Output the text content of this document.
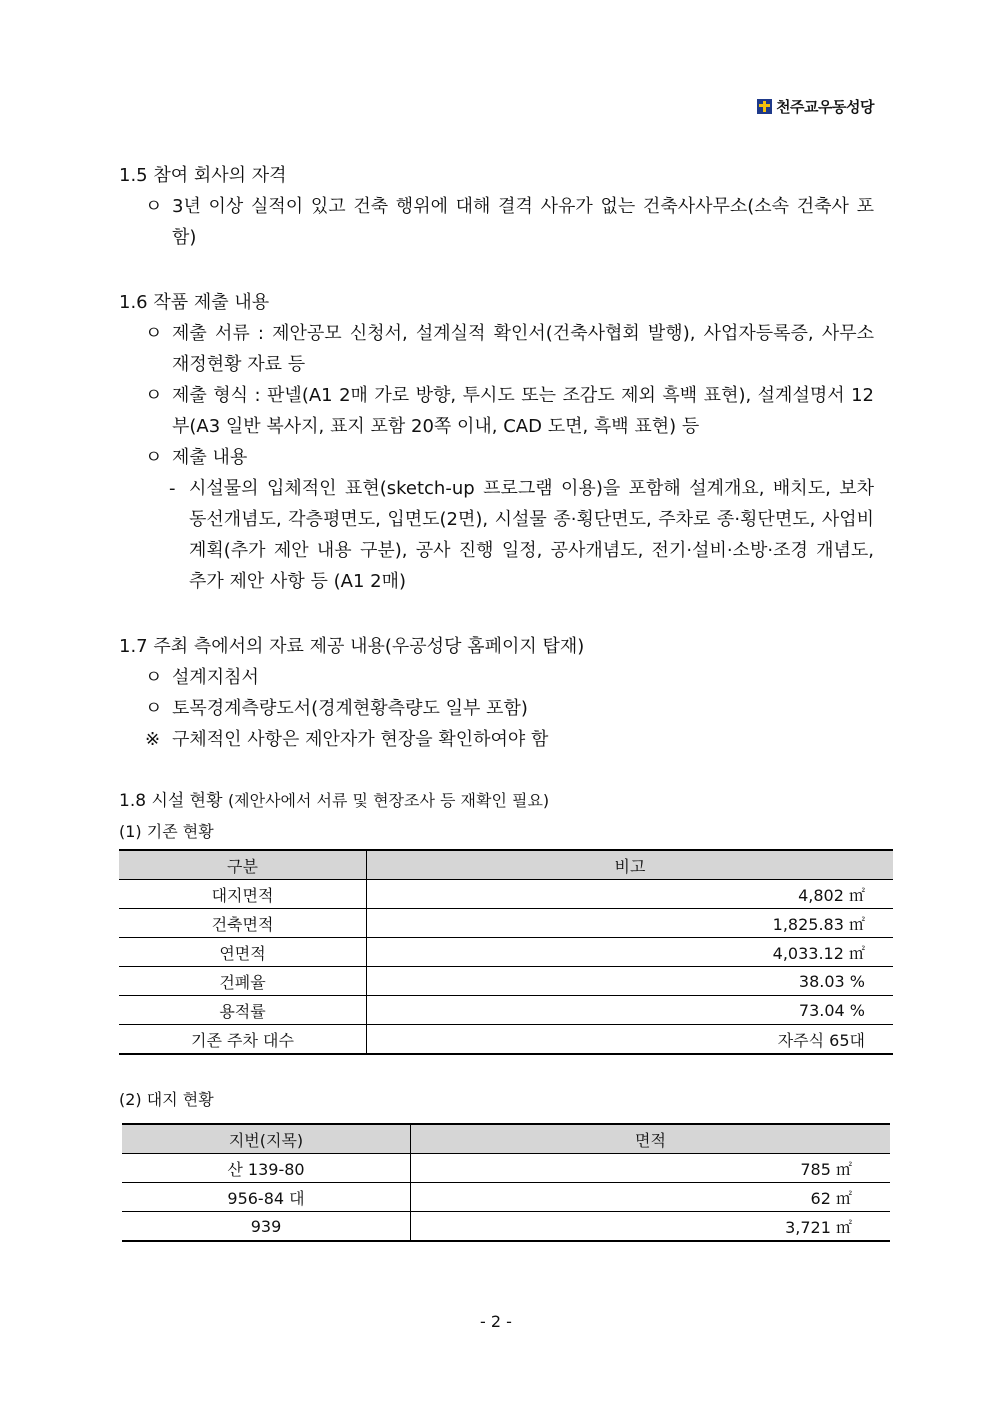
천주교우동성당
1.5 참여 회사의 자격
ㅇ 3년 이상 실적이 있고 건축 행위에 대해 결격 사유가 없는 건축사사무소(소속 건축사 포함)
1.6 작품 제출 내용
ㅇ 제출 서류 : 제안공모 신청서, 설계실적 확인서(건축사협회 발행), 사업자등록증, 사무소 재정현황 자료 등
ㅇ 제출 형식 : 판넬(A1 2매 가로 방향, 투시도 또는 조감도 제외 흑백 표현), 설계설명서 12부(A3 일반 복사지, 표지 포함 20쪽 이내, CAD 도면, 흑백 표현) 등
ㅇ 제출 내용
- 시설물의 입체적인 표현(sketch-up 프로그램 이용)을 포함해 설계개요, 배치도, 보차 동선개념도, 각층평면도, 입면도(2면), 시설물 종·횡단면도, 주차로 종·횡단면도, 사업비 계획(추가 제안 내용 구분), 공사 진행 일정, 공사개념도, 전기·설비·소방·조경 개념도, 추가 제안 사항 등 (A1 2매)
1.7 주최 측에서의 자료 제공 내용(우공성당 홈페이지 탑재)
ㅇ 설계지침서
ㅇ 토목경계측량도서(경계현황측량도 일부 포함)
※ 구체적인 사항은 제안자가 현장을 확인하여야 함
1.8 시설 현황 (제안사에서 서류 및 현장조사 등 재확인 필요)
(1) 기존 현황
구분	비고
대지면적	4,802 ㎡
건축면적	1,825.83 ㎡
연면적	4,033.12 ㎡
건폐율	38.03 %
용적률	73.04 %
기존 주차 대수	자주식 65대
(2) 대지 현황
지번(지목)	면적
산 139-80	785 ㎡
956-84 대	62 ㎡
939	3,721 ㎡
- 2 -
